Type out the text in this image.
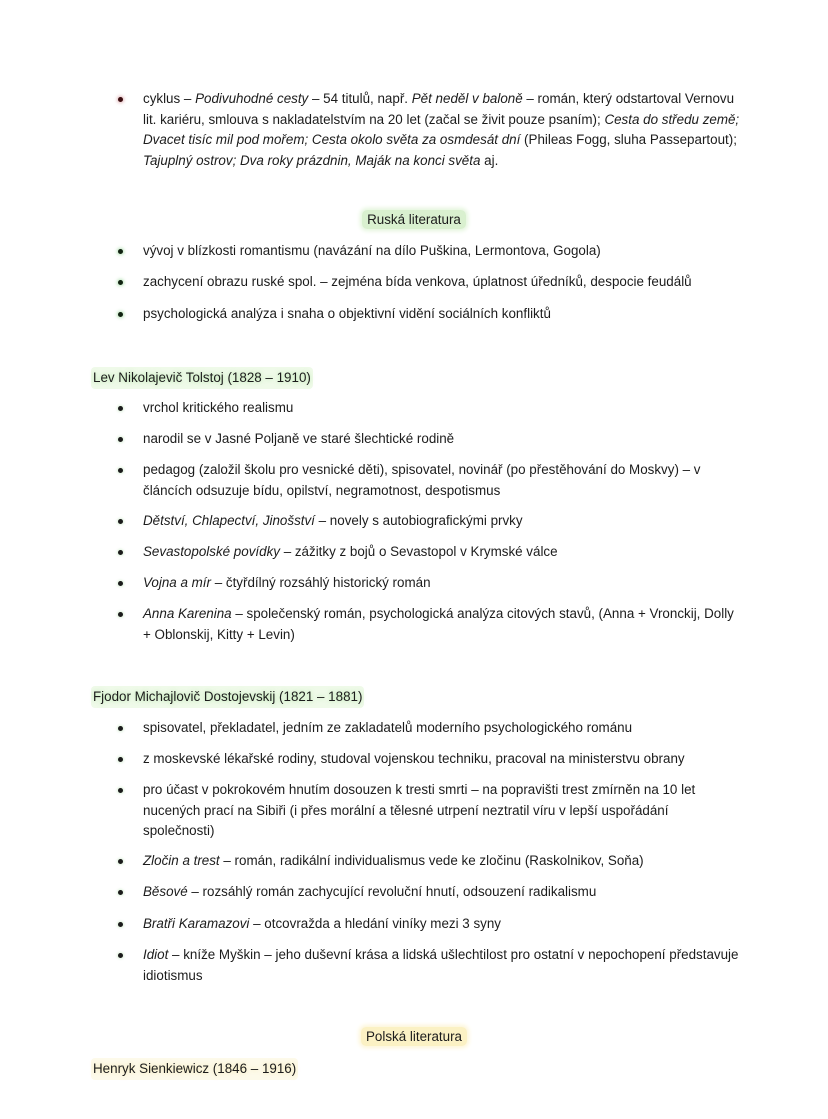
cyklus – Podivuhodné cesty – 54 titulů, např. Pět neděl v baloně – román, který odstartoval Vernovu lit. kariéru, smlouva s nakladatelstvím na 20 let (začal se živit pouze psaním); Cesta do středu země; Dvacet tisíc mil pod mořem; Cesta okolo světa za osmdesát dní (Phileas Fogg, sluha Passepartout); Tajuplný ostrov; Dva roky prázdnin, Maják na konci světa aj.
Ruská literatura
vývoj v blízkosti romantismu (navázání na dílo Puškina, Lermontova, Gogola)
zachycení obrazu ruské spol. – zejména bída venkova, úplatnost úředníků, despocie feudálů
psychologická analýza i snaha o objektivní vidění sociálních konfliktů
Lev Nikolajevič Tolstoj (1828 – 1910)
vrchol kritického realismu
narodil se v Jasné Poljaně ve staré šlechtické rodině
pedagog (založil školu pro vesnické děti), spisovatel, novinář (po přestěhování do Moskvy) – v článcích odsuzuje bídu, opilství, negramotnost, despotismus
Dětství, Chlapectví, Jinošství – novely s autobiografickými prvky
Sevastopolské povídky – zážitky z bojů o Sevastopol v Krymské válce
Vojna a mír – čtyřdílný rozsáhlý historický román
Anna Karenina – společenský román, psychologická analýza citových stavů, (Anna + Vronckij, Dolly + Oblonskij, Kitty + Levin)
Fjodor Michajlovič Dostojevskij (1821 – 1881)
spisovatel, překladatel, jedním ze zakladatelů moderního psychologického románu
z moskevské lékařské rodiny, studoval vojenskou techniku, pracoval na ministerstvu obrany
pro účast v pokrokovém hnutím dosouzen k tresti smrti – na popravišti trest zmírněn na 10 let nucených prací na Sibiři (i přes morální a tělesné utrpení neztratil víru v lepší uspořádání společnosti)
Zločin a trest – román, radikální individualismus vede ke zločinu (Raskolnikov, Soňa)
Běsové – rozsáhlý román zachycující revoluční hnutí, odsouzení radikalismu
Bratři Karamazovi – otcovražda a hledání viníky mezi 3 syny
Idiot – kníže Myškin – jeho duševní krása a lidská ušlechtilost pro ostatní v nepochopení představuje idiotismus
Polská literatura
Henryk Sienkiewicz (1846 – 1916)
